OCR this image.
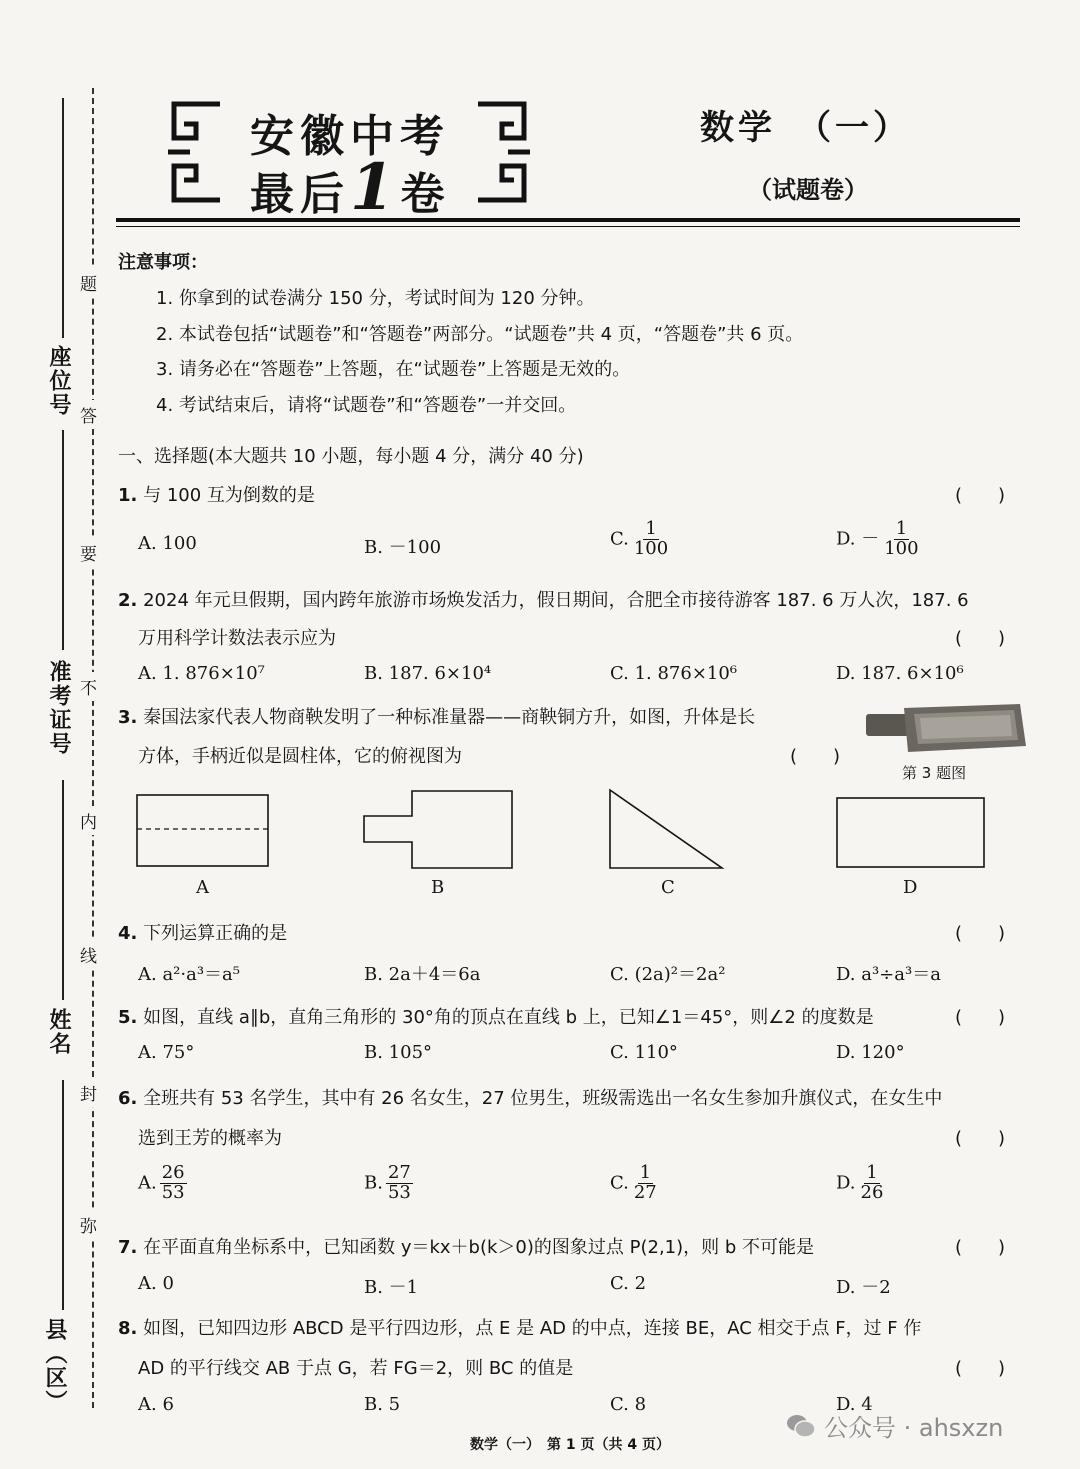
座位号
准考证号
姓名
县（区）
题
答
要
不
内
线
封
弥
安徽中考
最后1卷
数学　（一）
（试题卷）
注意事项：
1. 你拿到的试卷满分 150 分，考试时间为 120 分钟。
2. 本试卷包括“试题卷”和“答题卷”两部分。“试题卷”共 4 页，“答题卷”共 6 页。
3. 请务必在“答题卷”上答题，在“试题卷”上答题是无效的。
4. 考试结束后，请将“试题卷”和“答题卷”一并交回。
一、选择题(本大题共 10 小题，每小题 4 分，满分 40 分)
1. 与 100 互为倒数的是	(　　)
A. 100	B. －100	C. $\frac{1}{100}$	D. － $\frac{1}{100}$
2. 2024 年元旦假期，国内跨年旅游市场焕发活力，假日期间，合肥全市接待游客 187. 6 万人次，187. 6
万用科学计数法表示应为	(　　)
A. 1. 876×10⁷	B. 187. 6×10⁴	C. 1. 876×10⁶	D. 187. 6×10⁶
3. 秦国法家代表人物商鞅发明了一种标准量器——商鞅铜方升，如图，升体是长
方体，手柄近似是圆柱体，它的俯视图为	(　　)
第 3 题图
A	B	C	D
4. 下列运算正确的是	(　　)
A. a²·a³＝a⁵	B. 2a＋4＝6a	C. (2a)²＝2a²	D. a³÷a³＝a
5. 如图，直线 a∥b，直角三角形的 30°角的顶点在直线 b 上，已知∠1＝45°，则∠2 的度数是	(　　)
A. 75°	B. 105°	C. 110°	D. 120°
6. 全班共有 53 名学生，其中有 26 名女生，27 位男生，班级需选出一名女生参加升旗仪式，在女生中
选到王芳的概率为	(　　)
A. $\frac{26}{53}$	B. $\frac{27}{53}$	C. $\frac{1}{27}$	D. $\frac{1}{26}$
7. 在平面直角坐标系中，已知函数 y＝kx＋b(k＞0)的图象过点 P(2,1)，则 b 不可能是	(　　)
A. 0	B. －1	C. 2	D. －2
8. 如图，已知四边形 ABCD 是平行四边形，点 E 是 AD 的中点，连接 BE，AC 相交于点 F，过 F 作
AD 的平行线交 AB 于点 G，若 FG＝2，则 BC 的值是	(　　)
A. 6	B. 5	C. 8	D. 4
数学（一）　第 1 页（共 4 页）
公众号 · ahsxzn
